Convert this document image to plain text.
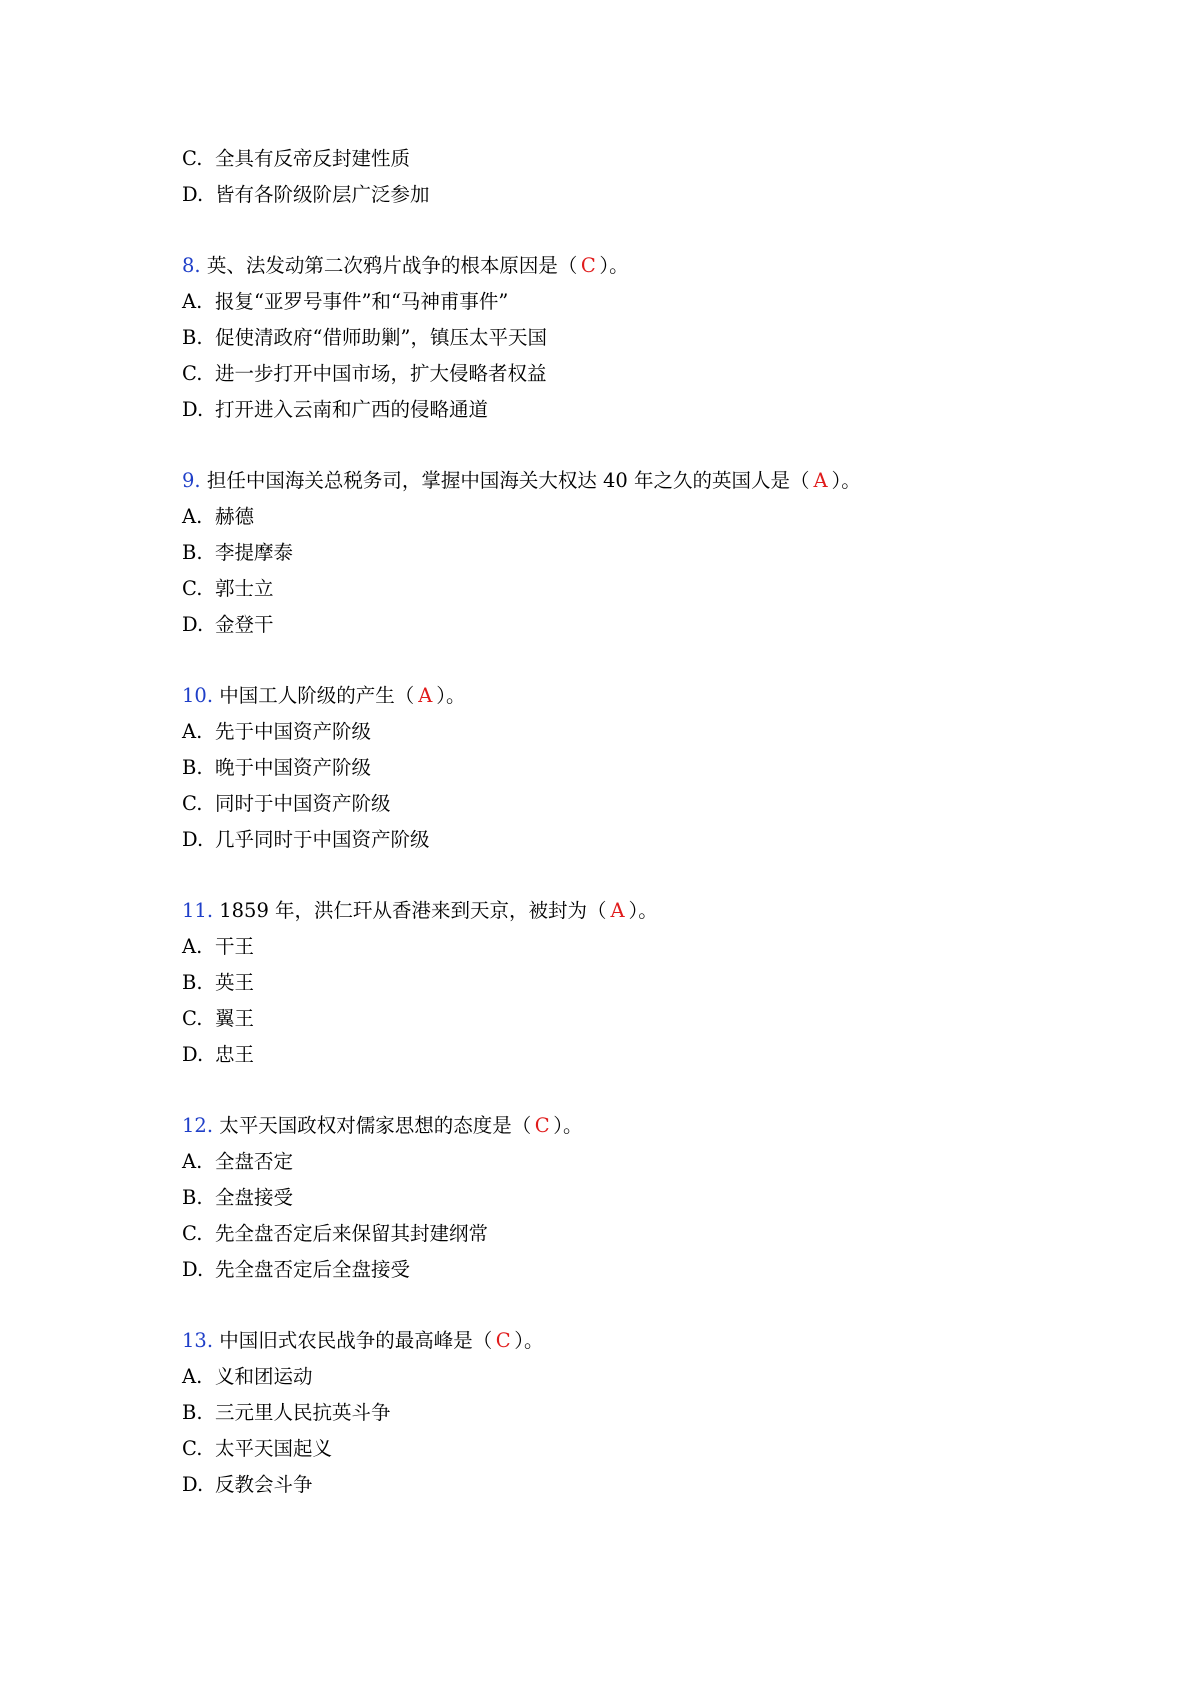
C. 全具有反帝反封建性质
D. 皆有各阶级阶层广泛参加
8. 英、法发动第二次鸦片战争的根本原因是（ C ）。
A. 报复“亚罗号事件”和“马神甫事件”
B. 促使清政府“借师助剿”，镇压太平天国
C. 进一步打开中国市场，扩大侵略者权益
D. 打开进入云南和广西的侵略通道
9. 担任中国海关总税务司，掌握中国海关大权达 40 年之久的英国人是（ A ）。
A. 赫德
B. 李提摩泰
C. 郭士立
D. 金登干
10. 中国工人阶级的产生（ A ）。
A. 先于中国资产阶级
B. 晚于中国资产阶级
C. 同时于中国资产阶级
D. 几乎同时于中国资产阶级
11. 1859 年，洪仁玕从香港来到天京，被封为（ A ）。
A. 干王
B. 英王
C. 翼王
D. 忠王
12. 太平天国政权对儒家思想的态度是（ C ）。
A. 全盘否定
B. 全盘接受
C. 先全盘否定后来保留其封建纲常
D. 先全盘否定后全盘接受
13. 中国旧式农民战争的最高峰是（ C ）。
A. 义和团运动
B. 三元里人民抗英斗争
C. 太平天国起义
D. 反教会斗争
